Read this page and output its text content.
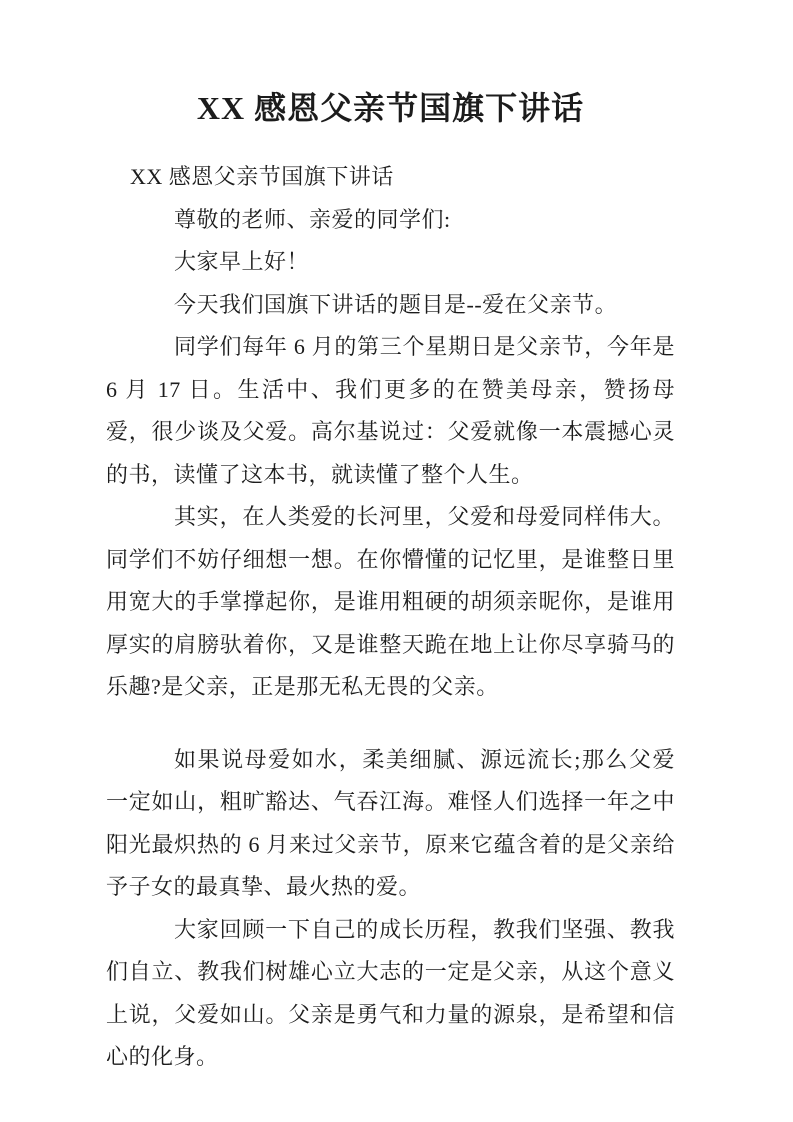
XX 感恩父亲节国旗下讲话

XX 感恩父亲节国旗下讲话

尊敬的老师、亲爱的同学们:

大家早上好！

今天我们国旗下讲话的题目是--爱在父亲节。

同学们每年 6 月的第三个星期日是父亲节，今年是 6 月 17 日。生活中、我们更多的在赞美母亲，赞扬母爱，很少谈及父爱。高尔基说过：父爱就像一本震撼心灵的书，读懂了这本书，就读懂了整个人生。

其实，在人类爱的长河里，父爱和母爱同样伟大。同学们不妨仔细想一想。在你懵懂的记忆里，是谁整日里用宽大的手掌撑起你，是谁用粗硬的胡须亲昵你，是谁用厚实的肩膀驮着你，又是谁整天跪在地上让你尽享骑马的乐趣?是父亲，正是那无私无畏的父亲。

如果说母爱如水，柔美细腻、源远流长;那么父爱一定如山，粗旷豁达、气吞江海。难怪人们选择一年之中阳光最炽热的 6 月来过父亲节，原来它蕴含着的是父亲给予子女的最真挚、最火热的爱。

大家回顾一下自己的成长历程，教我们坚强、教我们自立、教我们树雄心立大志的一定是父亲，从这个意义上说，父爱如山。父亲是勇气和力量的源泉，是希望和信心的化身。
